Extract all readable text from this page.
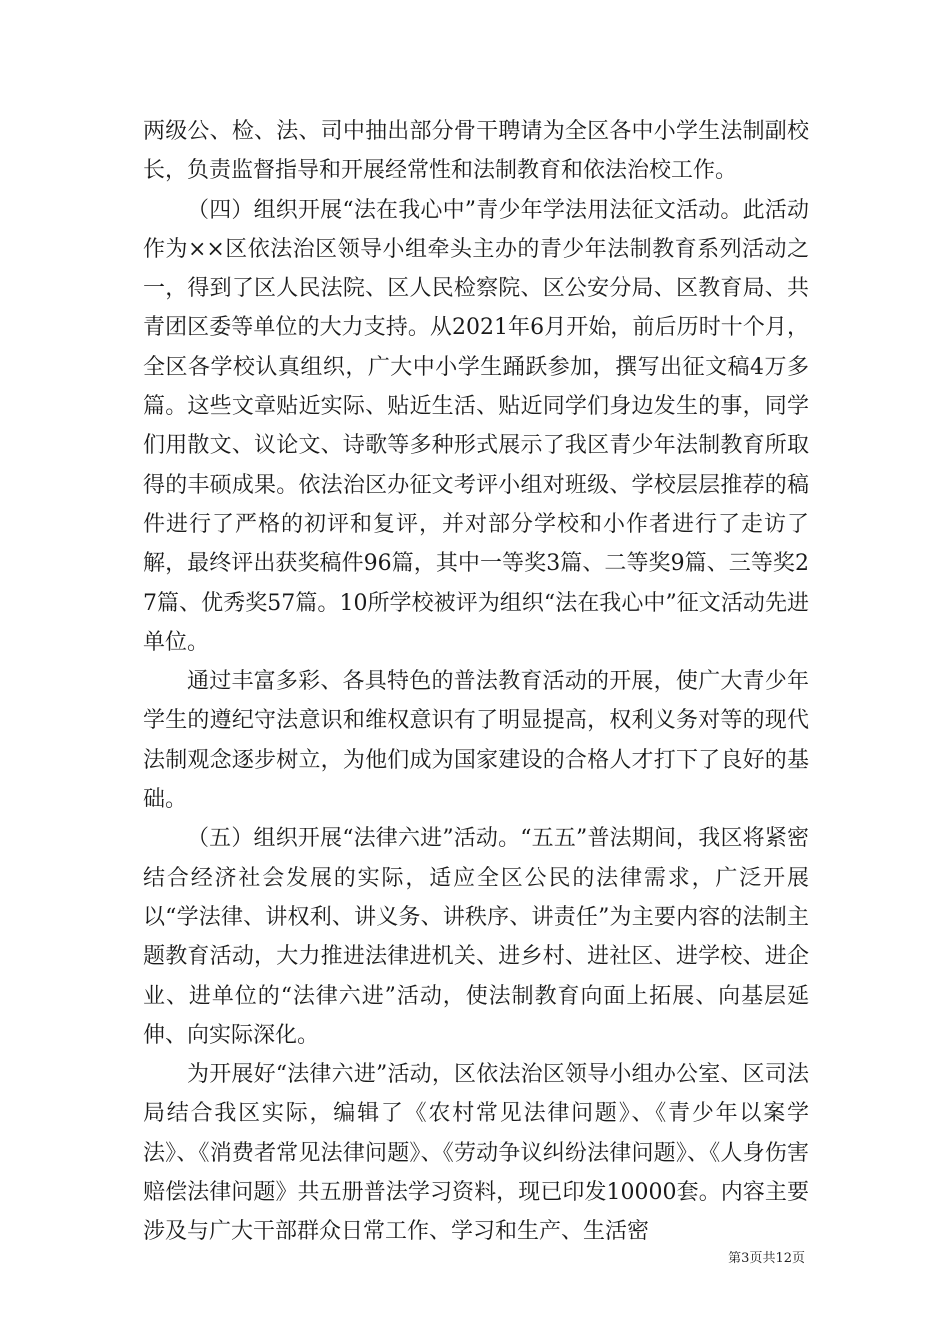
两级公、检、法、司中抽出部分骨干聘请为全区各中小学生法制副校长，负责监督指导和开展经常性和法制教育和依法治校工作。

（四）组织开展“法在我心中”青少年学法用法征文活动。此活动作为××区依法治区领导小组牵头主办的青少年法制教育系列活动之一，得到了区人民法院、区人民检察院、区公安分局、区教育局、共青团区委等单位的大力支持。从2021年6月开始，前后历时十个月，全区各学校认真组织，广大中小学生踊跃参加，撰写出征文稿4万多篇。这些文章贴近实际、贴近生活、贴近同学们身边发生的事，同学们用散文、议论文、诗歌等多种形式展示了我区青少年法制教育所取得的丰硕成果。依法治区办征文考评小组对班级、学校层层推荐的稿件进行了严格的初评和复评，并对部分学校和小作者进行了走访了解，最终评出获奖稿件96篇，其中一等奖3篇、二等奖9篇、三等奖27篇、优秀奖57篇。10所学校被评为组织“法在我心中”征文活动先进单位。

通过丰富多彩、各具特色的普法教育活动的开展，使广大青少年学生的遵纪守法意识和维权意识有了明显提高，权利义务对等的现代法制观念逐步树立，为他们成为国家建设的合格人才打下了良好的基础。

（五）组织开展“法律六进”活动。“五五”普法期间，我区将紧密结合经济社会发展的实际，适应全区公民的法律需求，广泛开展以“学法律、讲权利、讲义务、讲秩序、讲责任”为主要内容的法制主题教育活动，大力推进法律进机关、进乡村、进社区、进学校、进企业、进单位的“法律六进”活动，使法制教育向面上拓展、向基层延伸、向实际深化。

为开展好“法律六进”活动，区依法治区领导小组办公室、区司法局结合我区实际，编辑了《农村常见法律问题》、《青少年以案学法》、《消费者常见法律问题》、《劳动争议纠纷法律问题》、《人身伤害赔偿法律问题》共五册普法学习资料，现已印发10000套。内容主要涉及与广大干部群众日常工作、学习和生产、生活密

第3页共12页
